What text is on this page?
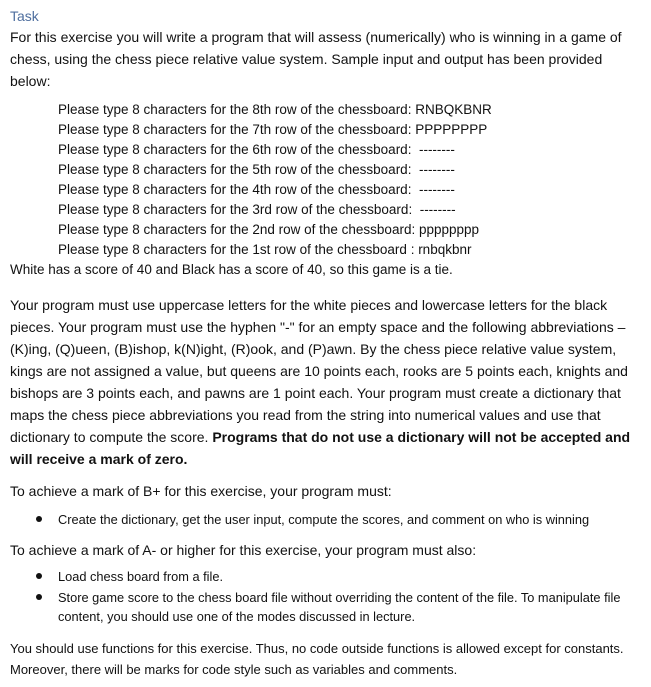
Task

For this exercise you will write a program that will assess (numerically) who is winning in a game of chess, using the chess piece relative value system. Sample input and output has been provided below:

Please type 8 characters for the 8th row of the chessboard: RNBQKBNR
Please type 8 characters for the 7th row of the chessboard: PPPPPPPP
Please type 8 characters for the 6th row of the chessboard:  --------
Please type 8 characters for the 5th row of the chessboard:  --------
Please type 8 characters for the 4th row of the chessboard:  --------
Please type 8 characters for the 3rd row of the chessboard:  --------
Please type 8 characters for the 2nd row of the chessboard: pppppppp
Please type 8 characters for the 1st row of the chessboard : rnbqkbnr

White has a score of 40 and Black has a score of 40, so this game is a tie.

Your program must use uppercase letters for the white pieces and lowercase letters for the black pieces. Your program must use the hyphen "-" for an empty space and the following abbreviations – (K)ing, (Q)ueen, (B)ishop, k(N)ight, (R)ook, and (P)awn. By the chess piece relative value system, kings are not assigned a value, but queens are 10 points each, rooks are 5 points each, knights and bishops are 3 points each, and pawns are 1 point each. Your program must create a dictionary that maps the chess piece abbreviations you read from the string into numerical values and use that dictionary to compute the score. Programs that do not use a dictionary will not be accepted and will receive a mark of zero.

To achieve a mark of B+ for this exercise, your program must:

Create the dictionary, get the user input, compute the scores, and comment on who is winning

To achieve a mark of A- or higher for this exercise, your program must also:

Load chess board from a file.
Store game score to the chess board file without overriding the content of the file. To manipulate file content, you should use one of the modes discussed in lecture.

You should use functions for this exercise. Thus, no code outside functions is allowed except for constants. Moreover, there will be marks for code style such as variables and comments.
